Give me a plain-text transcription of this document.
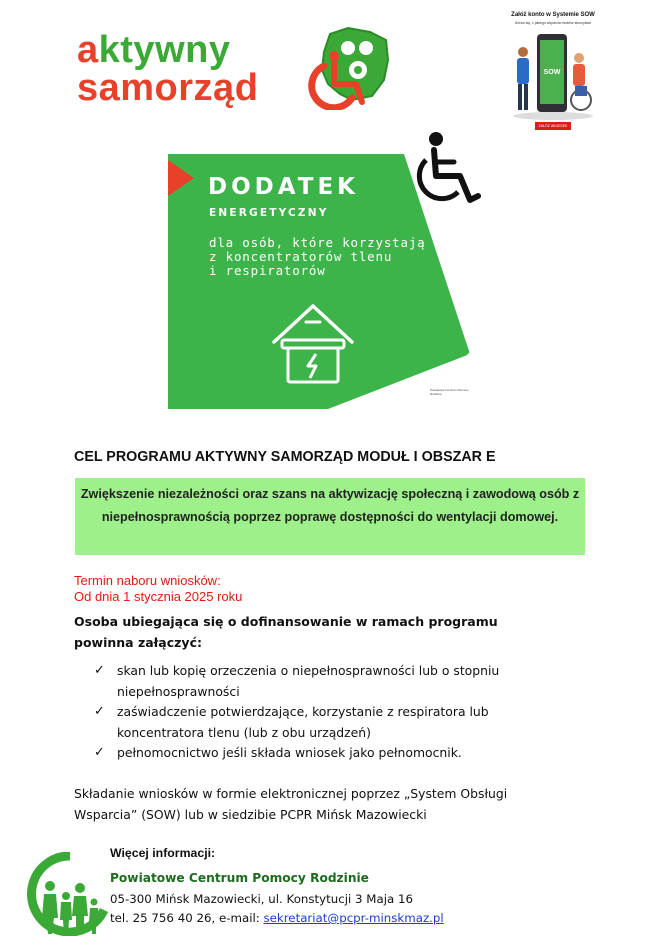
aktywny
samorząd
Załóż konto w Systemie SOW
Umów się, z jakiego wsparcia możesz skorzystać
SOW
ZAŁÓŻ WNIOSEK ON-LINE
DODATEK
ENERGETYCZNY
dla osób, które korzystają
z koncentratorów tlenu
i respiratorów
Powiatowe Centrum Pomocy Rodzinie
CEL PROGRAMU AKTYWNY SAMORZĄD MODUŁ I OBSZAR E
Zwiększenie niezależności oraz szans na aktywizację społeczną i zawodową osób z niepełnosprawnością poprzez poprawę dostępności do wentylacji domowej.
Termin naboru wniosków:
Od dnia 1 stycznia 2025 roku
Osoba ubiegająca się o dofinansowanie w ramach programu powinna załączyć:
✓ skan lub kopię orzeczenia o niepełnosprawności lub o stopniu niepełnosprawności
✓ zaświadczenie potwierdzające, korzystanie z respiratora lub koncentratora tlenu (lub z obu urządzeń)
✓ pełnomocnictwo jeśli składa wniosek jako pełnomocnik.
Składanie wniosków w formie elektronicznej poprzez „System Obsługi Wsparcia” (SOW) lub w siedzibie PCPR Mińsk Mazowiecki
Więcej informacji:
Powiatowe Centrum Pomocy Rodzinie
05-300 Mińsk Mazowiecki, ul. Konstytucji 3 Maja 16
tel. 25 756 40 26, e-mail: sekretariat@pcpr-minskmaz.pl
